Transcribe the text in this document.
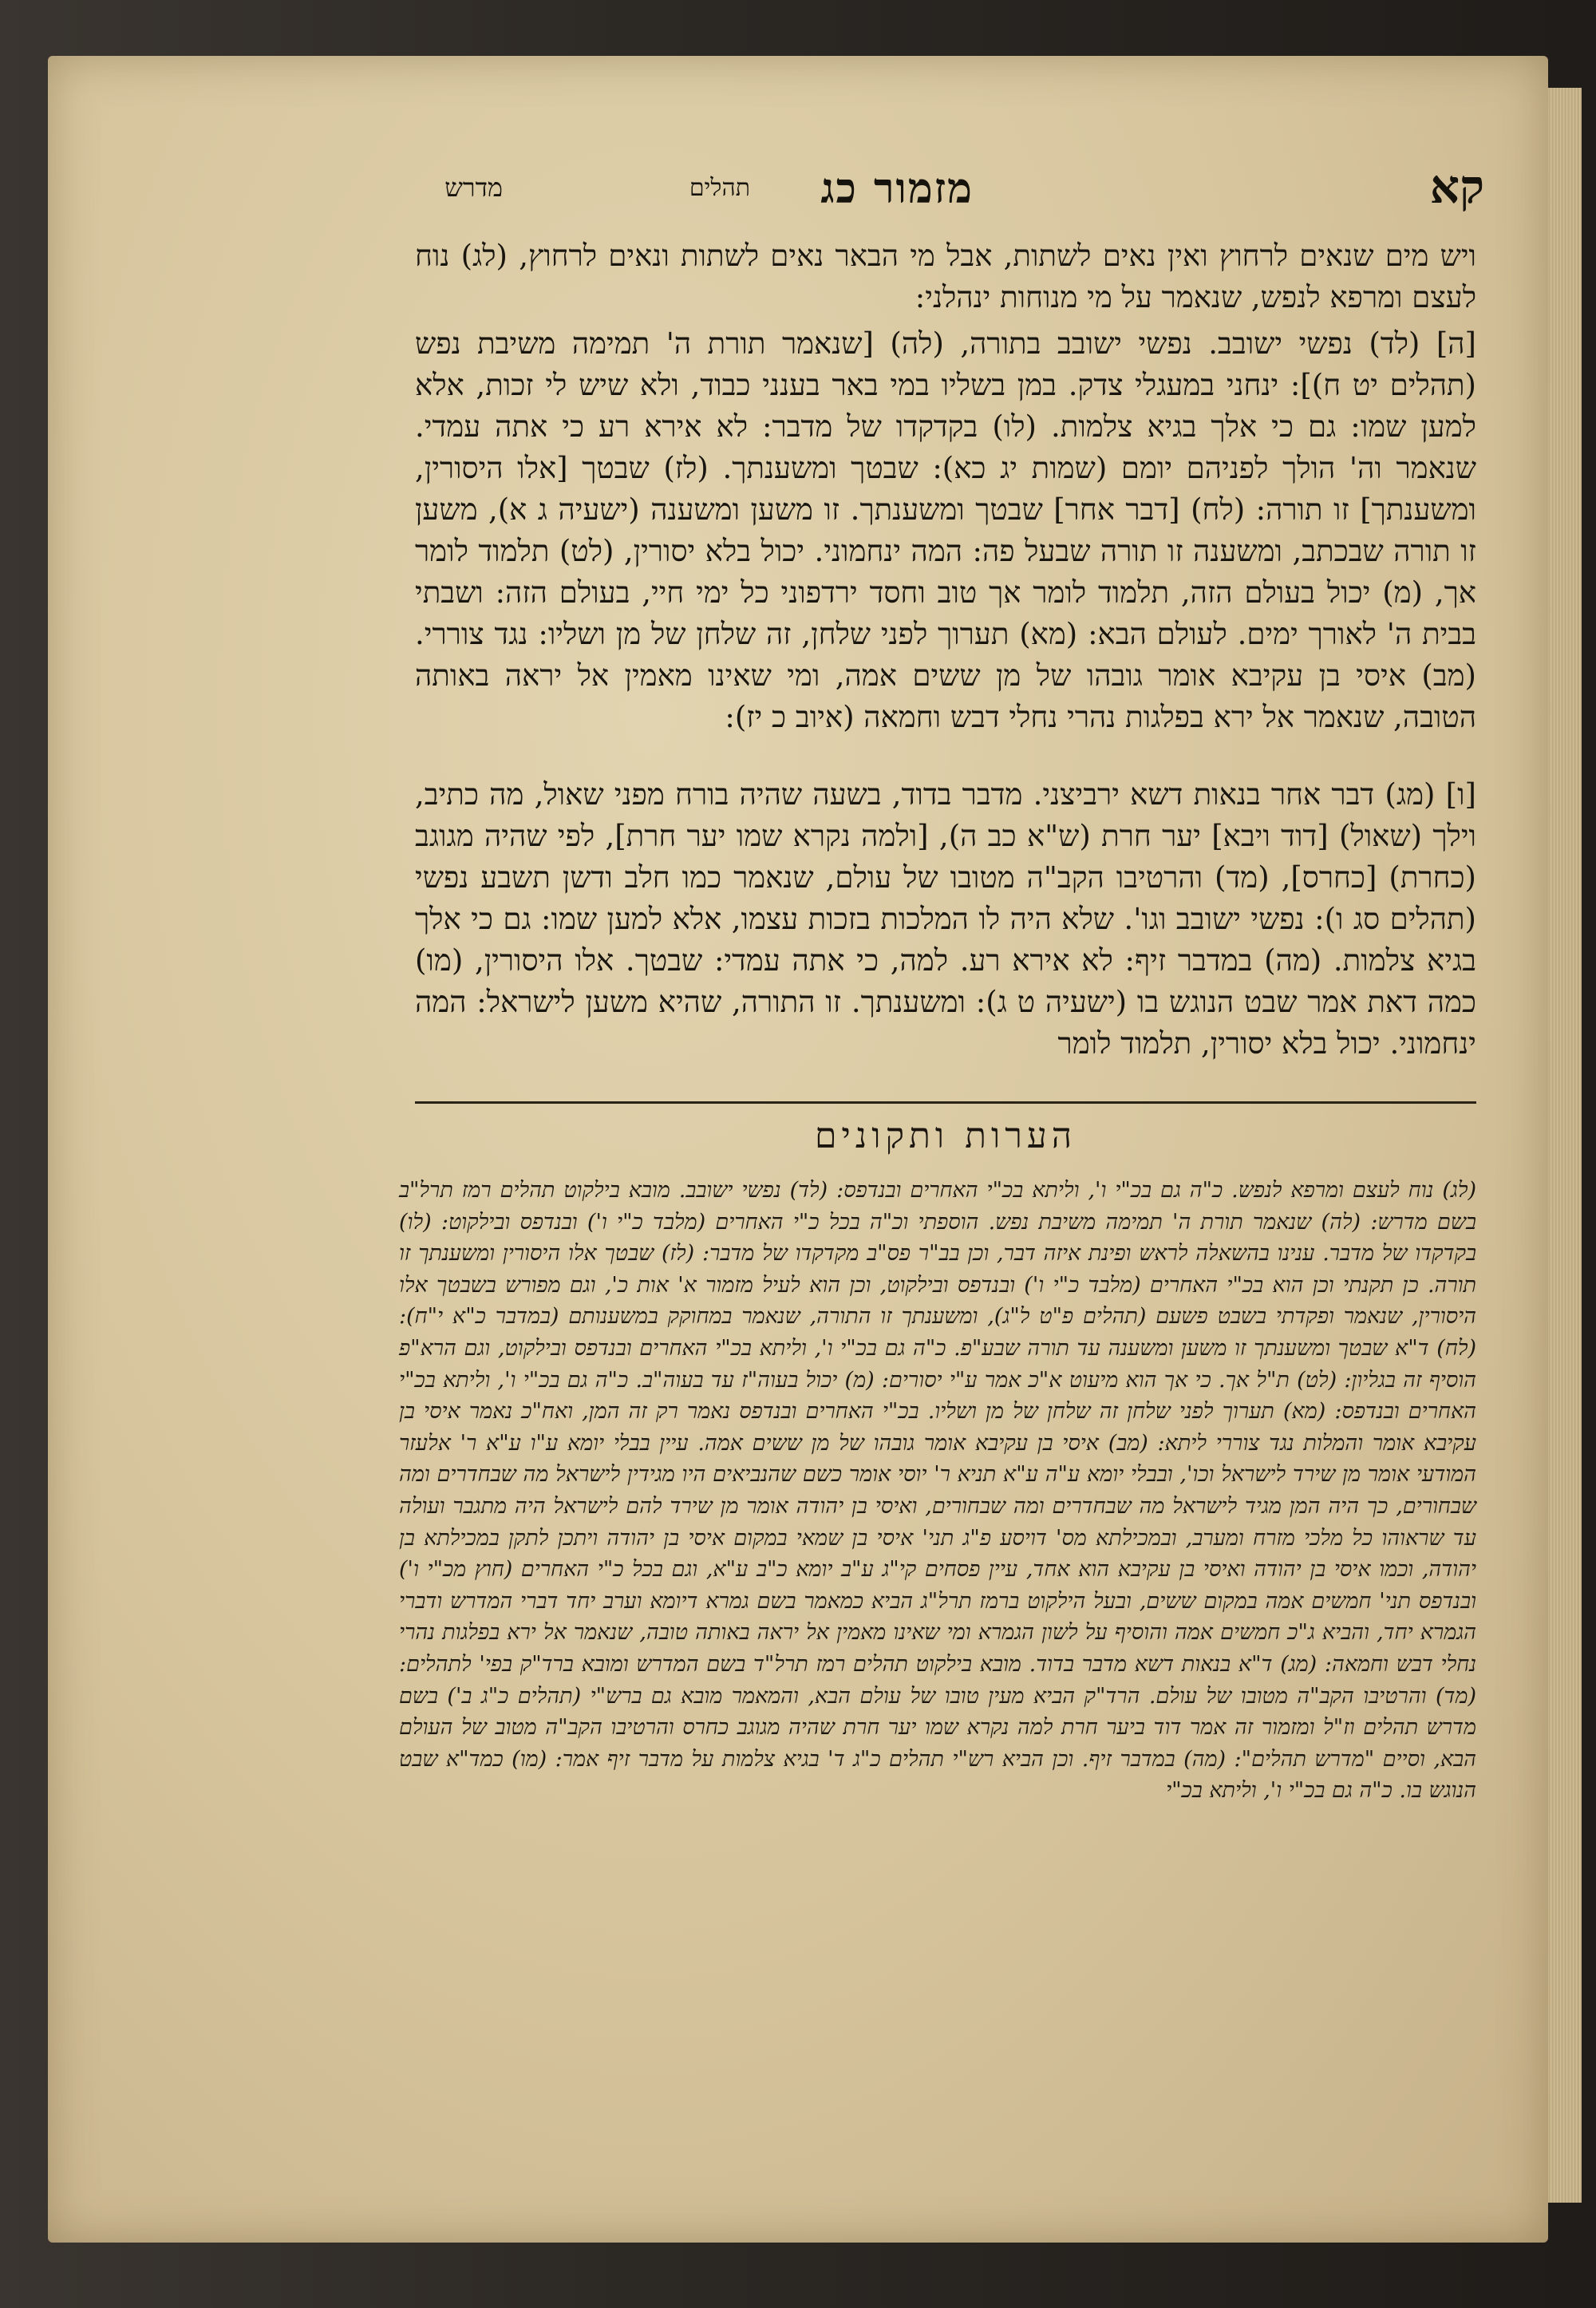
קא
מזמור כג
תהלים
מדרש
ויש מים שנאים לרחוץ ואין נאים לשתות, אבל מי הבאר נאים לשתות ונאים לרחוץ, (לג) נוח לעצם ומרפא לנפש, שנאמר על מי מנוחות ינהלני:
[ה] (לד) נפשי ישובב. נפשי ישובב בתורה, (לה) [שנאמר תורת ה' תמימה משיבת נפש (תהלים יט ח)]: ינחני במעגלי צדק. במן בשליו במי באר בענני כבוד, ולא שיש לי זכות, אלא למען שמו: גם כי אלך בגיא צלמות. (לו) בקדקדו של מדבר: לא אירא רע כי אתה עמדי. שנאמר וה' הולך לפניהם יומם (שמות יג כא): שבטך ומשענתך. (לז) שבטך [אלו היסורין, ומשענתך] זו תורה: (לח) [דבר אחר] שבטך ומשענתך. זו משען ומשענה (ישעיה ג א), משען זו תורה שבכתב, ומשענה זו תורה שבעל פה: המה ינחמוני. יכול בלא יסורין, (לט) תלמוד לומר אך, (מ) יכול בעולם הזה, תלמוד לומר אך טוב וחסד ירדפוני כל ימי חיי, בעולם הזה: ושבתי בבית ה' לאורך ימים. לעולם הבא: (מא) תערוך לפני שלחן, זה שלחן של מן ושליו: נגד צוררי. (מב) איסי בן עקיבא אומר גובהו של מן ששים אמה, ומי שאינו מאמין אל יראה באותה הטובה, שנאמר אל ירא בפלגות נהרי נחלי דבש וחמאה (איוב כ יז):
[ו] (מג) דבר אחר בנאות דשא ירביצני. מדבר בדוד, בשעה שהיה בורח מפני שאול, מה כתיב, וילך (שאול) [דוד ויבא] יער חרת (ש"א כב ה), [ולמה נקרא שמו יער חרת], לפי שהיה מגוגב (כחרת) [כחרס], (מד) והרטיבו הקב"ה מטובו של עולם, שנאמר כמו חלב ודשן תשבע נפשי (תהלים סג ו): נפשי ישובב וגו'. שלא היה לו המלכות בזכות עצמו, אלא למען שמו: גם כי אלך בגיא צלמות. (מה) במדבר זיף: לא אירא רע. למה, כי אתה עמדי: שבטך. אלו היסורין, (מו) כמה דאת אמר שבט הנוגש בו (ישעיה ט ג): ומשענתך. זו התורה, שהיא משען לישראל: המה ינחמוני. יכול בלא יסורין, תלמוד לומר
הערות ותקונים
(לג) נוח לעצם ומרפא לנפש. כ"ה גם בכ"י ו', וליתא בכ"י האחרים ובנדפס: (לד) נפשי ישובב. מובא בילקוט תהלים רמז תרל"ב בשם מדרש: (לה) שנאמר תורת ה' תמימה משיבת נפש. הוספתי וכ"ה בכל כ"י האחרים (מלבד כ"י ו') ובנדפס ובילקוט: (לו) בקדקדו של מדבר. ענינו בהשאלה לראש ופינת איזה דבר, וכן בב"ר פס"ב מקדקדו של מדבר: (לז) שבטך אלו היסורין ומשענתך זו תורה. כן תקנתי וכן הוא בכ"י האחרים (מלבד כ"י ו') ובנדפס ובילקוט, וכן הוא לעיל מזמור א' אות כ', וגם מפורש בשבטך אלו היסורין, שנאמר ופקדתי בשבט פשעם (תהלים פ"ט ל"ג), ומשענתך זו התורה, שנאמר במחוקק במשענותם (במדבר כ"א י"ח): (לח) ד"א שבטך ומשענתך זו משען ומשענה עד תורה שבע"פ. כ"ה גם בכ"י ו', וליתא בכ"י האחרים ובנדפס ובילקוט, וגם הרא"פ הוסיף זה בגליון: (לט) ת"ל אך. כי אך הוא מיעוט א"כ אמר ע"י יסורים: (מ) יכול בעוה"ז עד בעוה"ב. כ"ה גם בכ"י ו', וליתא בכ"י האחרים ובנדפס: (מא) תערוך לפני שלחן זה שלחן של מן ושליו. בכ"י האחרים ובנדפס נאמר רק זה המן, ואח"כ נאמר איסי בן עקיבא אומר והמלות נגד צוררי ליתא: (מב) איסי בן עקיבא אומר גובהו של מן ששים אמה. עיין בבלי יומא ע"ו ע"א ר' אלעזר המודעי אומר מן שירד לישראל וכו', ובבלי יומא ע"ה ע"א תניא ר' יוסי אומר כשם שהנביאים היו מגידין לישראל מה שבחדרים ומה שבחורים, כך היה המן מגיד לישראל מה שבחדרים ומה שבחורים, ואיסי בן יהודה אומר מן שירד להם לישראל היה מתגבר ועולה עד שראוהו כל מלכי מזרח ומערב, ובמכילתא מס' דויסע פ"ג תני' איסי בן שמאי במקום איסי בן יהודה ויתכן לתקן במכילתא בן יהודה, וכמו איסי בן יהודה ואיסי בן עקיבא הוא אחד, עיין פסחים קי"ג ע"ב יומא כ"ב ע"א, וגם בכל כ"י האחרים (חוץ מכ"י ו') ובנדפס תני' חמשים אמה במקום ששים, ובעל הילקוט ברמז תרל"ג הביא כמאמר בשם גמרא דיומא וערב יחד דברי המדרש ודברי הגמרא יחד, והביא ג"כ חמשים אמה והוסיף על לשון הגמרא ומי שאינו מאמין אל יראה באותה טובה, שנאמר אל ירא בפלגות נהרי נחלי דבש וחמאה: (מג) ד"א בנאות דשא מדבר בדוד. מובא בילקוט תהלים רמז תרל"ד בשם המדרש ומובא ברד"ק בפי' לתהלים: (מד) והרטיבו הקב"ה מטובו של עולם. הרד"ק הביא מעין טובו של עולם הבא, והמאמר מובא גם ברש"י (תהלים כ"ג ב') בשם מדרש תהלים וז"ל ומזמור זה אמר דוד ביער חרת למה נקרא שמו יער חרת שהיה מגוגב כחרס והרטיבו הקב"ה מטוב של העולם הבא, וסיים "מדרש תהלים": (מה) במדבר זיף. וכן הביא רש"י תהלים כ"ג ד' בגיא צלמות על מדבר זיף אמר: (מו) כמד"א שבט הנוגש בו. כ"ה גם בכ"י ו', וליתא בכ"י
